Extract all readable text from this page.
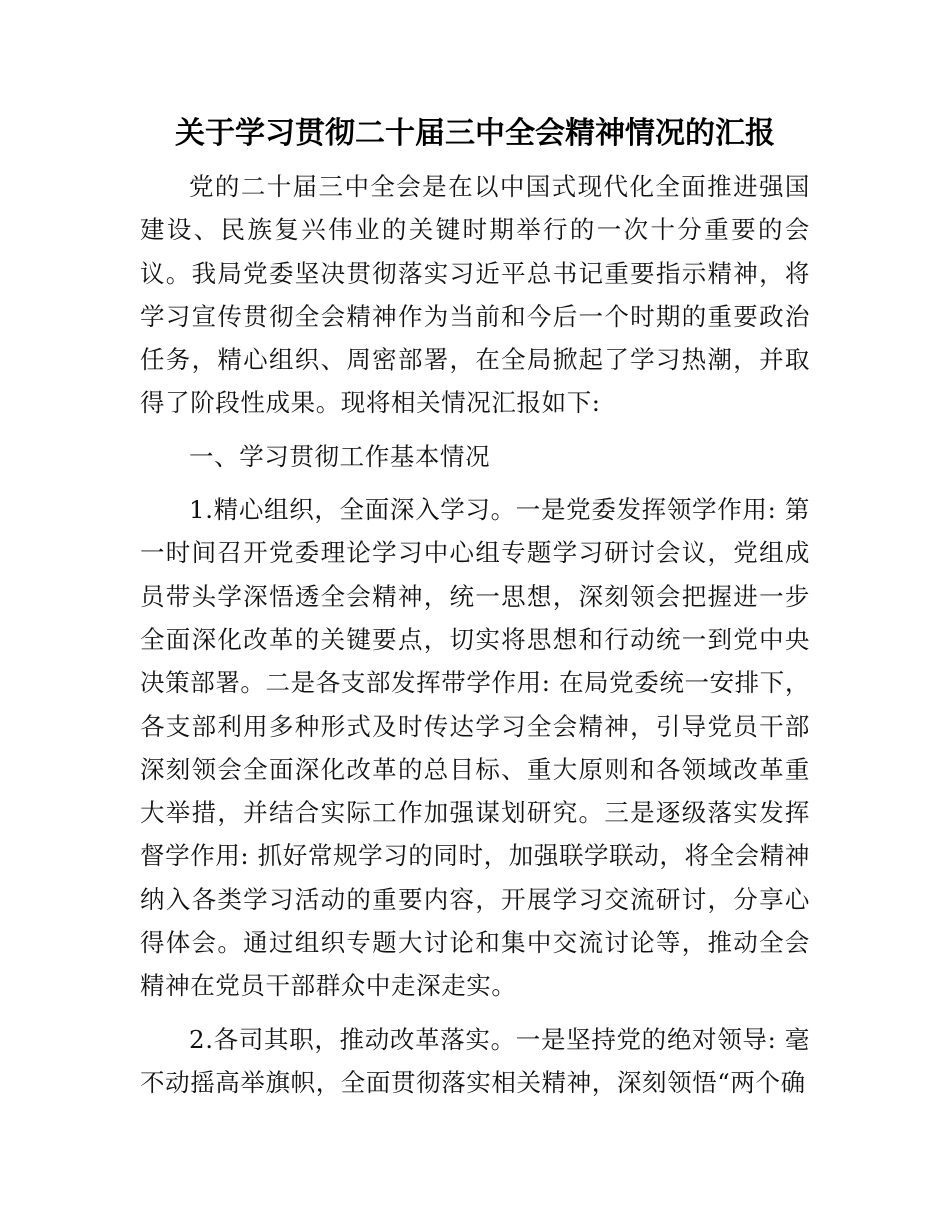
关于学习贯彻二十届三中全会精神情况的汇报

党的二十届三中全会是在以中国式现代化全面推进强国建设、民族复兴伟业的关键时期举行的一次十分重要的会议。我局党委坚决贯彻落实习近平总书记重要指示精神，将学习宣传贯彻全会精神作为当前和今后一个时期的重要政治任务，精心组织、周密部署，在全局掀起了学习热潮，并取得了阶段性成果。现将相关情况汇报如下:

一、学习贯彻工作基本情况

1.精心组织，全面深入学习。一是党委发挥领学作用: 第一时间召开党委理论学习中心组专题学习研讨会议，党组成员带头学深悟透全会精神，统一思想，深刻领会把握进一步全面深化改革的关键要点，切实将思想和行动统一到党中央决策部署。二是各支部发挥带学作用: 在局党委统一安排下，各支部利用多种形式及时传达学习全会精神，引导党员干部深刻领会全面深化改革的总目标、重大原则和各领域改革重大举措，并结合实际工作加强谋划研究。三是逐级落实发挥督学作用: 抓好常规学习的同时，加强联学联动，将全会精神纳入各类学习活动的重要内容，开展学习交流研讨，分享心得体会。通过组织专题大讨论和集中交流讨论等，推动全会精神在党员干部群众中走深走实。

2.各司其职，推动改革落实。一是坚持党的绝对领导: 毫不动摇高举旗帜，全面贯彻落实相关精神，深刻领悟“两个确
